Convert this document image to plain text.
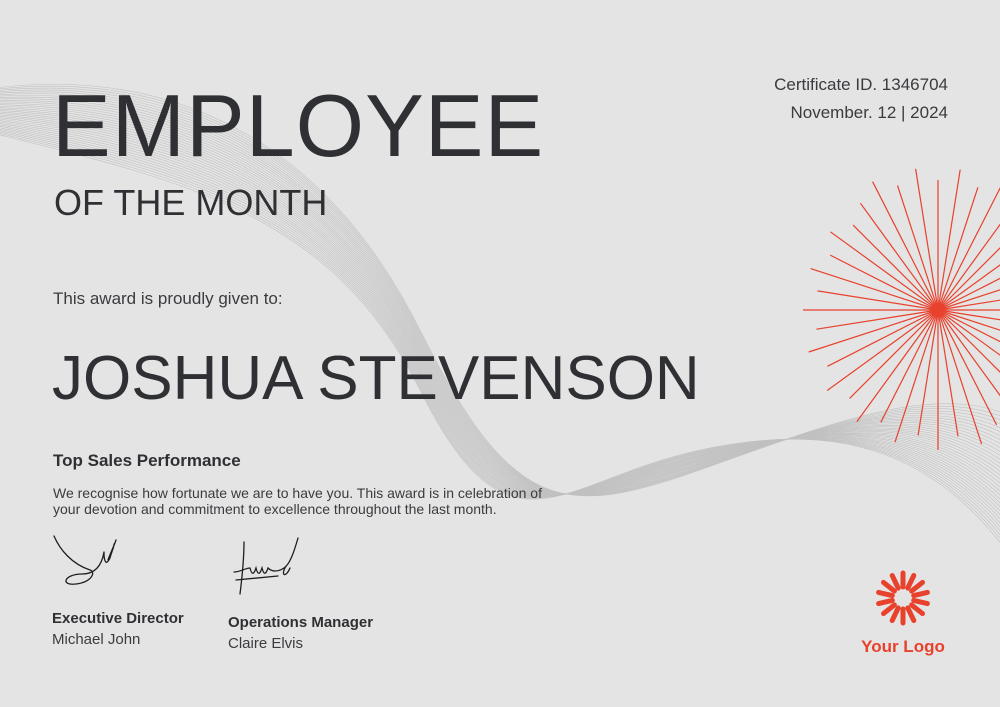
EMPLOYEE
OF THE MONTH
Certificate ID. 1346704
November. 12 | 2024
This award is proudly given to:
JOSHUA STEVENSON
Top Sales Performance
We recognise how fortunate we are to have you. This award is in celebration of your devotion and commitment to excellence throughout the last month.
Executive Director
Michael John
Operations Manager
Claire Elvis	Your Logo
